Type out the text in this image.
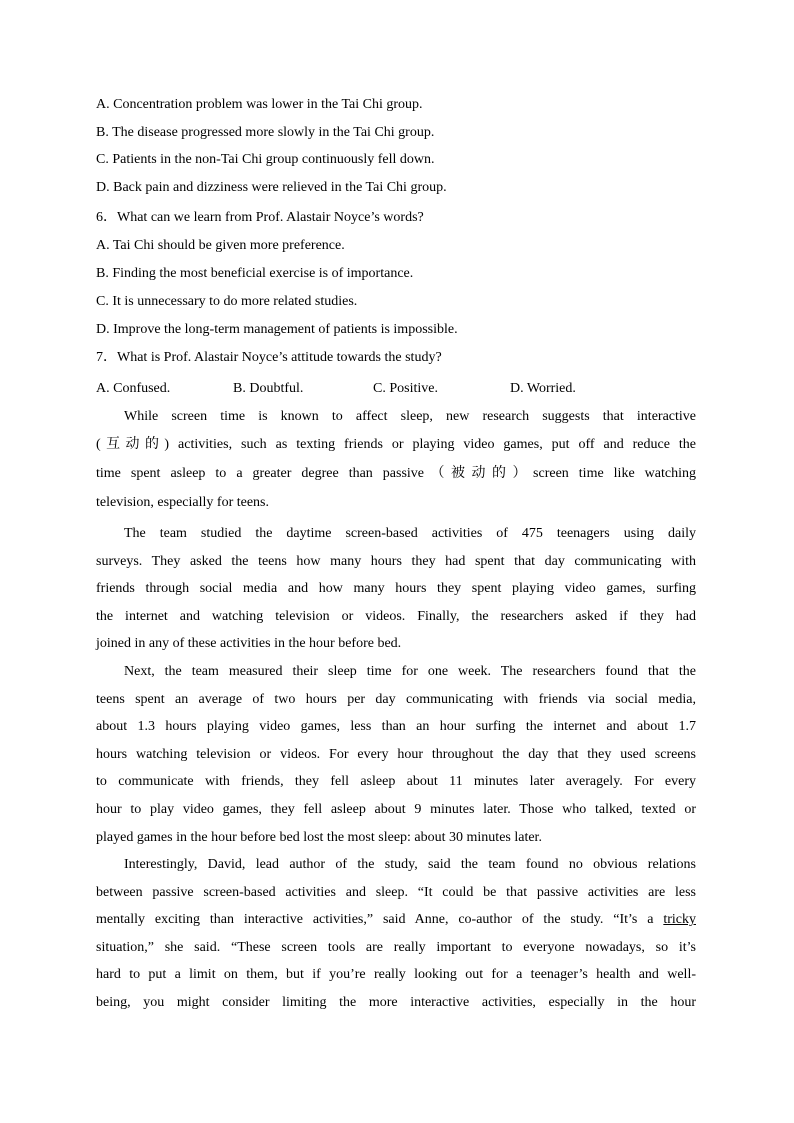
A. Concentration problem was lower in the Tai Chi group.
B. The disease progressed more slowly in the Tai Chi group.
C. Patients in the non-Tai Chi group continuously fell down.
D. Back pain and dizziness were relieved in the Tai Chi group.
6．What can we learn from Prof. Alastair Noyce’s words?
A. Tai Chi should be given more preference.
B. Finding the most beneficial exercise is of importance.
C. It is unnecessary to do more related studies.
D. Improve the long-term management of patients is impossible.
7．What is Prof. Alastair Noyce’s attitude towards the study?
A. Confused.	B. Doubtful.	C. Positive.	D. Worried.
While screen time is known to affect sleep, new research suggests that interactive
(互动的) activities, such as texting friends or playing video games, put off and reduce the
time spent asleep to a greater degree than passive（被动的）screen time like watching
television, especially for teens.
The team studied the daytime screen-based activities of 475 teenagers using daily
surveys. They asked the teens how many hours they had spent that day communicating with
friends through social media and how many hours they spent playing video games, surfing
the internet and watching television or videos. Finally, the researchers asked if they had
joined in any of these activities in the hour before bed.
Next, the team measured their sleep time for one week. The researchers found that the
teens spent an average of two hours per day communicating with friends via social media,
about 1.3 hours playing video games, less than an hour surfing the internet and about 1.7
hours watching television or videos. For every hour throughout the day that they used screens
to communicate with friends, they fell asleep about 11 minutes later averagely. For every
hour to play video games, they fell asleep about 9 minutes later. Those who talked, texted or
played games in the hour before bed lost the most sleep: about 30 minutes later.
Interestingly, David, lead author of the study, said the team found no obvious relations
between passive screen-based activities and sleep. “It could be that passive activities are less
mentally exciting than interactive activities,” said Anne, co-author of the study. “It’s a tricky
situation,” she said. “These screen tools are really important to everyone nowadays, so it’s
hard to put a limit on them, but if you’re really looking out for a teenager’s health and well-
being, you might consider limiting the more interactive activities, especially in the hour
